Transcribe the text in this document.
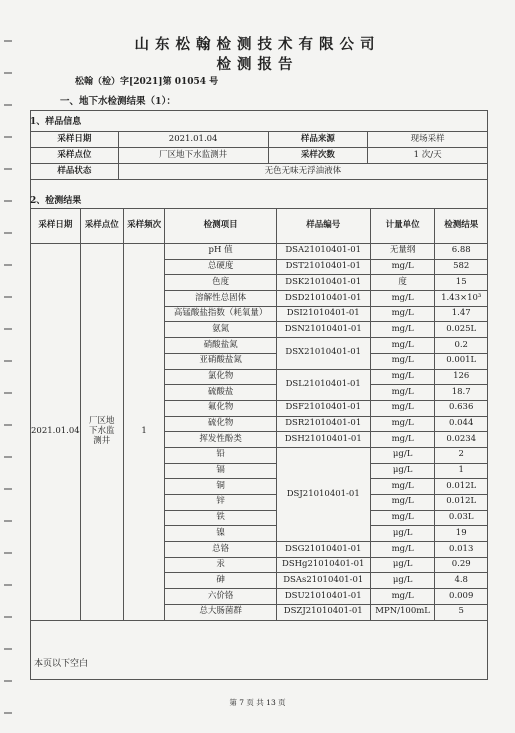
山东松翰检测技术有限公司
检测报告
松翰（检）字[2021]第 01054 号
一、地下水检测结果（1）：
1、样品信息
采样日期	2021.01.04	样品来源	现场采样
采样点位	厂区地下水监测井	采样次数	1 次/天
样品状态	无色无味无浮油液体		
2、检测结果
采样日期	采样点位	采样频次	检测项目	样品编号	计量单位	检测结果
2021.01.04	厂区地下水监测井	1	pH 值	DSA21010401-01	无量纲	6.88
			总硬度	DST21010401-01	mg/L	582
			色度	DSK21010401-01	度	15
			溶解性总固体	DSD21010401-01	mg/L	1.43×10³
			高锰酸盐指数（耗氧量）	DSI21010401-01	mg/L	1.47
			氨氮	DSN21010401-01	mg/L	0.025L
			硝酸盐氮	DSX21010401-01	mg/L	0.2
			亚硝酸盐氮		mg/L	0.001L
			氯化物	DSL21010401-01	mg/L	126
			硫酸盐		mg/L	18.7
			氟化物	DSF21010401-01	mg/L	0.636
			硫化物	DSR21010401-01	mg/L	0.044
			挥发性酚类	DSH21010401-01	mg/L	0.0234
			铅	DSJ21010401-01	μg/L	2
			镉		μg/L	1
			铜		mg/L	0.012L
			锌		mg/L	0.012L
			铁		mg/L	0.03L
			镍		μg/L	19
			总铬	DSG21010401-01	mg/L	0.013
			汞	DSHg21010401-01	μg/L	0.29
			砷	DSAs21010401-01	μg/L	4.8
			六价铬	DSU21010401-01	mg/L	0.009
			总大肠菌群	DSZJ21010401-01	MPN/100mL	5
本页以下空白
第 7 页 共 13 页
